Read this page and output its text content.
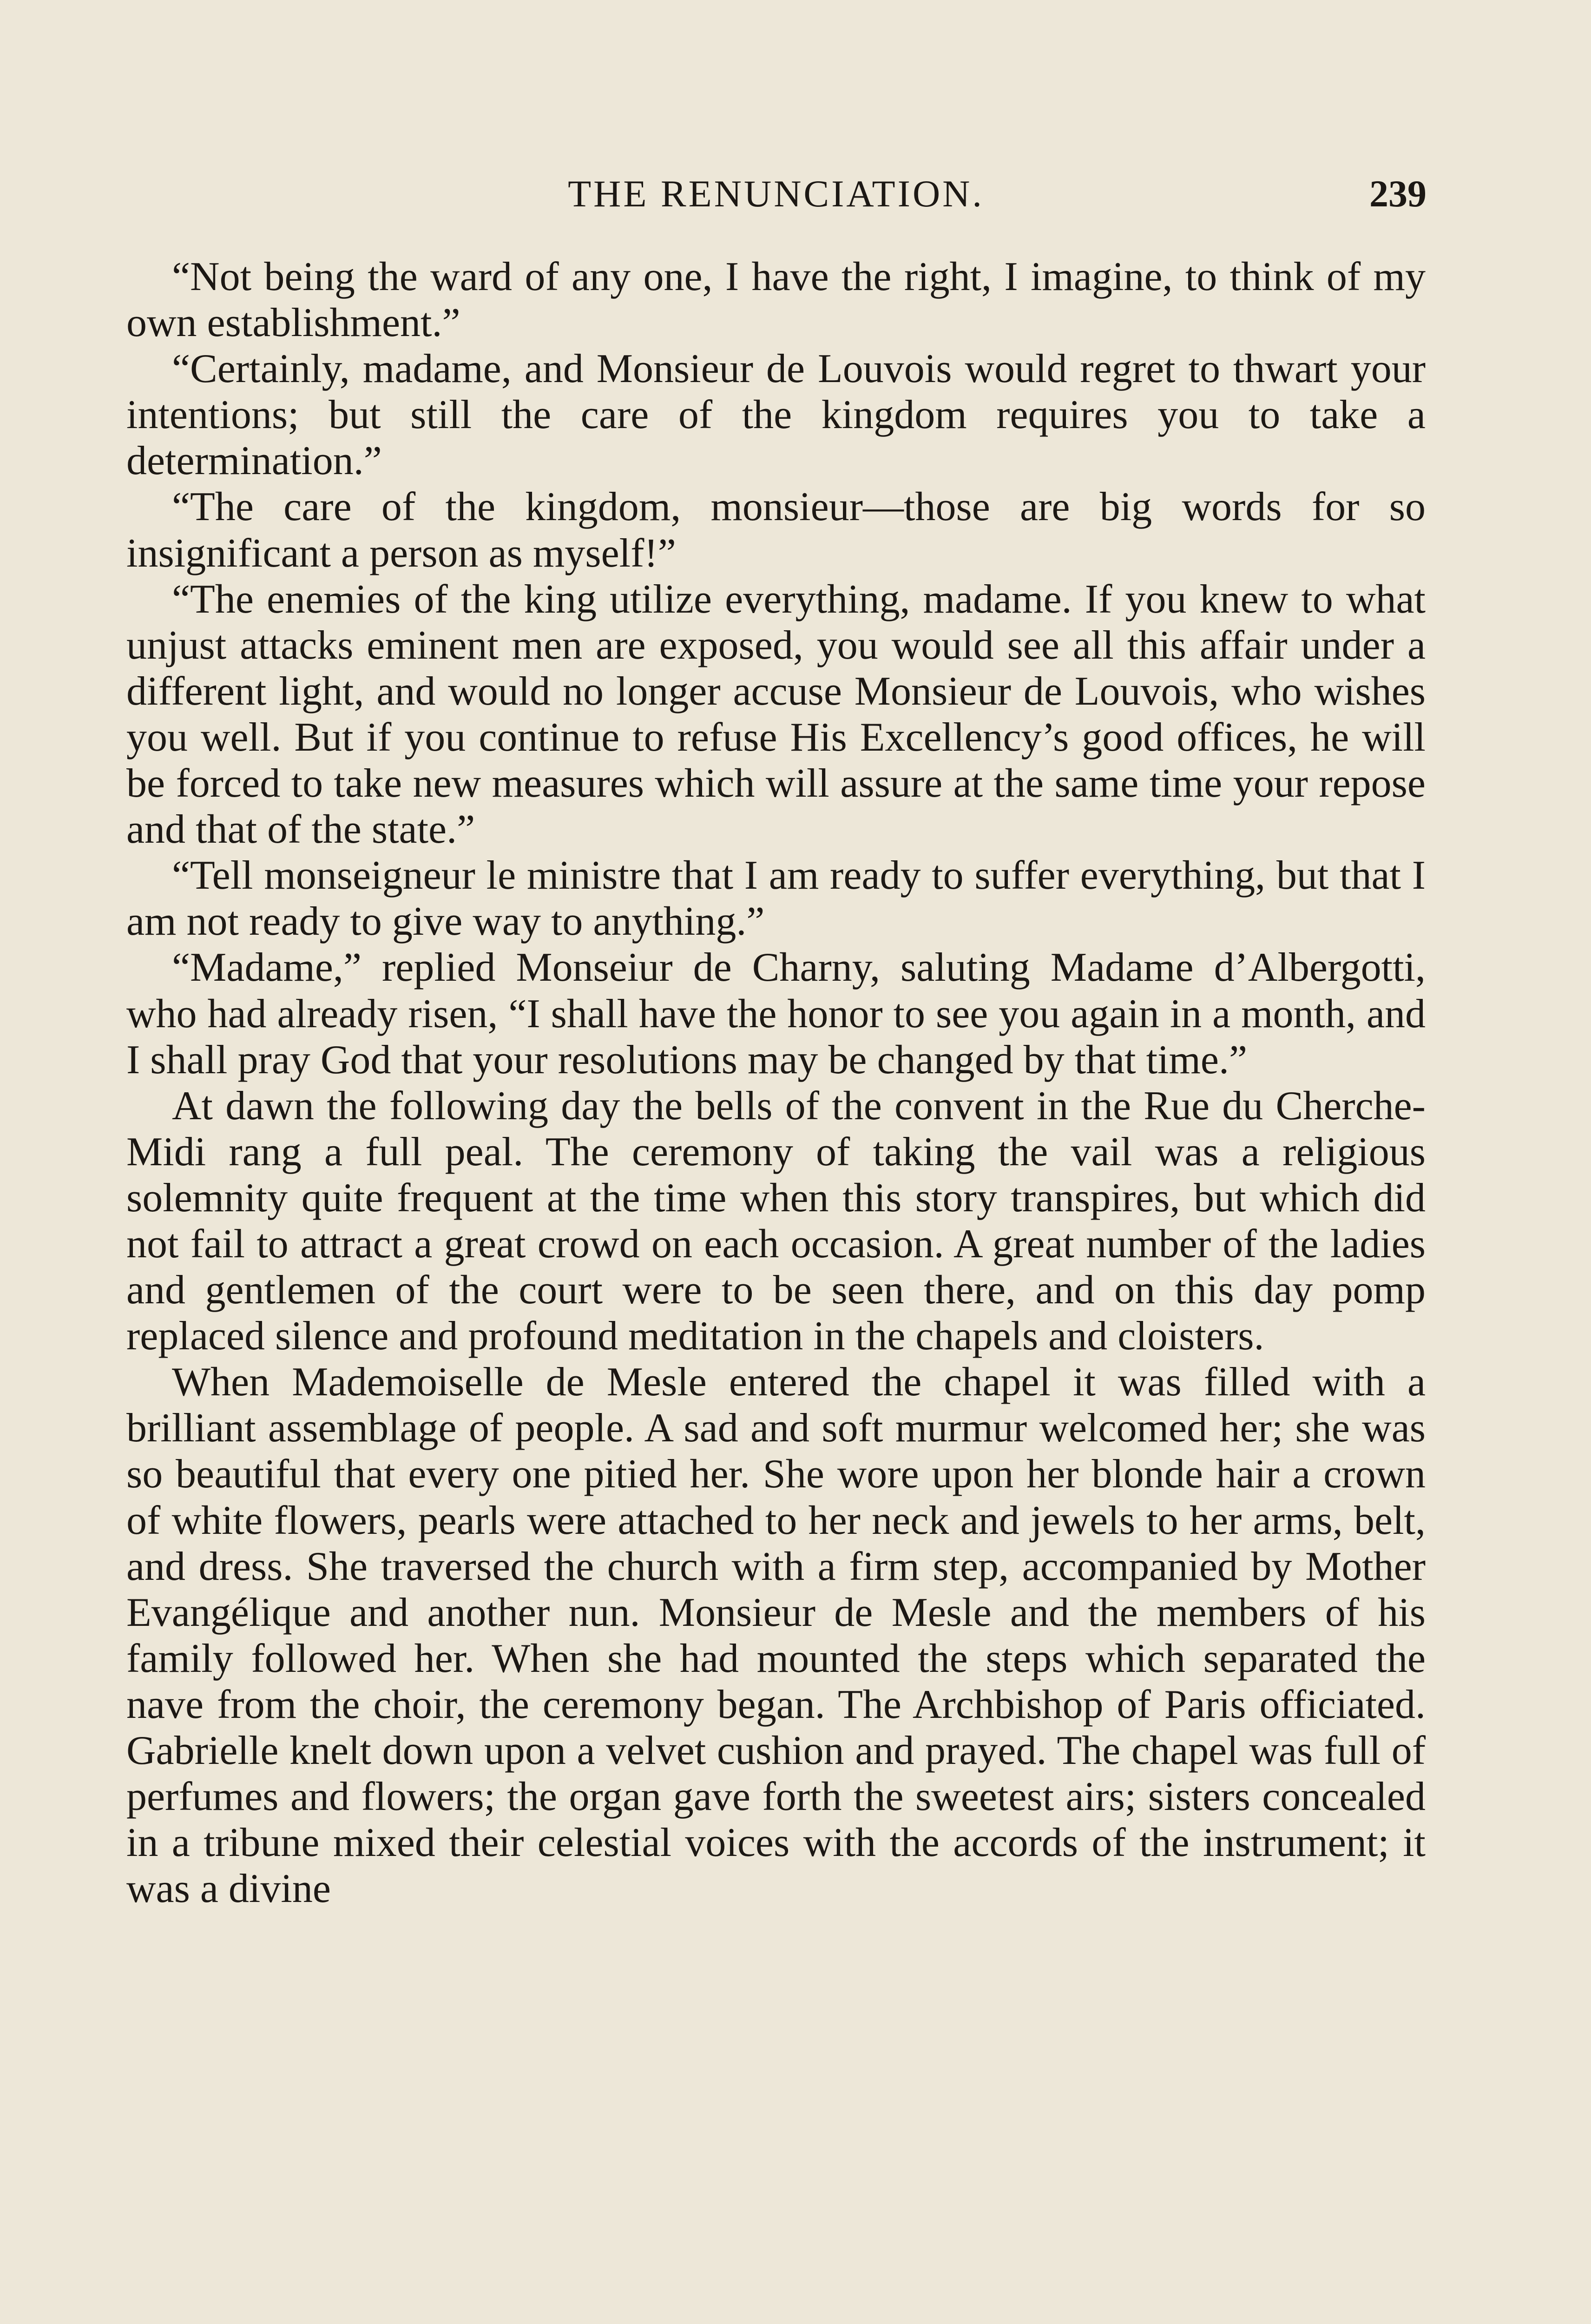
THE RENUNCIATION.	239

“Not being the ward of any one, I have the right, I imagine, to think of my own establishment.”

“Certainly, madame, and Monsieur de Louvois would regret to thwart your intentions; but still the care of the kingdom requires you to take a determination.”

“The care of the kingdom, monsieur—those are big words for so insignificant a person as myself!”

“The enemies of the king utilize everything, madame. If you knew to what unjust attacks eminent men are exposed, you would see all this affair under a different light, and would no longer accuse Monsieur de Louvois, who wishes you well. But if you continue to refuse His Excellency’s good offices, he will be forced to take new measures which will assure at the same time your repose and that of the state.”

“Tell monseigneur le ministre that I am ready to suffer everything, but that I am not ready to give way to anything.”

“Madame,” replied Monseiur de Charny, saluting Madame d’Albergotti, who had already risen, “I shall have the honor to see you again in a month, and I shall pray God that your resolutions may be changed by that time.”

At dawn the following day the bells of the convent in the Rue du Cherche-Midi rang a full peal. The ceremony of taking the vail was a religious solemnity quite frequent at the time when this story transpires, but which did not fail to attract a great crowd on each occasion. A great number of the ladies and gentlemen of the court were to be seen there, and on this day pomp replaced silence and profound meditation in the chapels and cloisters.

When Mademoiselle de Mesle entered the chapel it was filled with a brilliant assemblage of people. A sad and soft murmur welcomed her; she was so beautiful that every one pitied her. She wore upon her blonde hair a crown of white flowers, pearls were attached to her neck and jewels to her arms, belt, and dress. She traversed the church with a firm step, accompanied by Mother Evangélique and another nun. Monsieur de Mesle and the members of his family followed her. When she had mounted the steps which separated the nave from the choir, the ceremony began. The Archbishop of Paris officiated. Gabrielle knelt down upon a velvet cushion and prayed. The chapel was full of perfumes and flowers; the organ gave forth the sweetest airs; sisters concealed in a tribune mixed their celestial voices with the accords of the instrument; it was a divine
